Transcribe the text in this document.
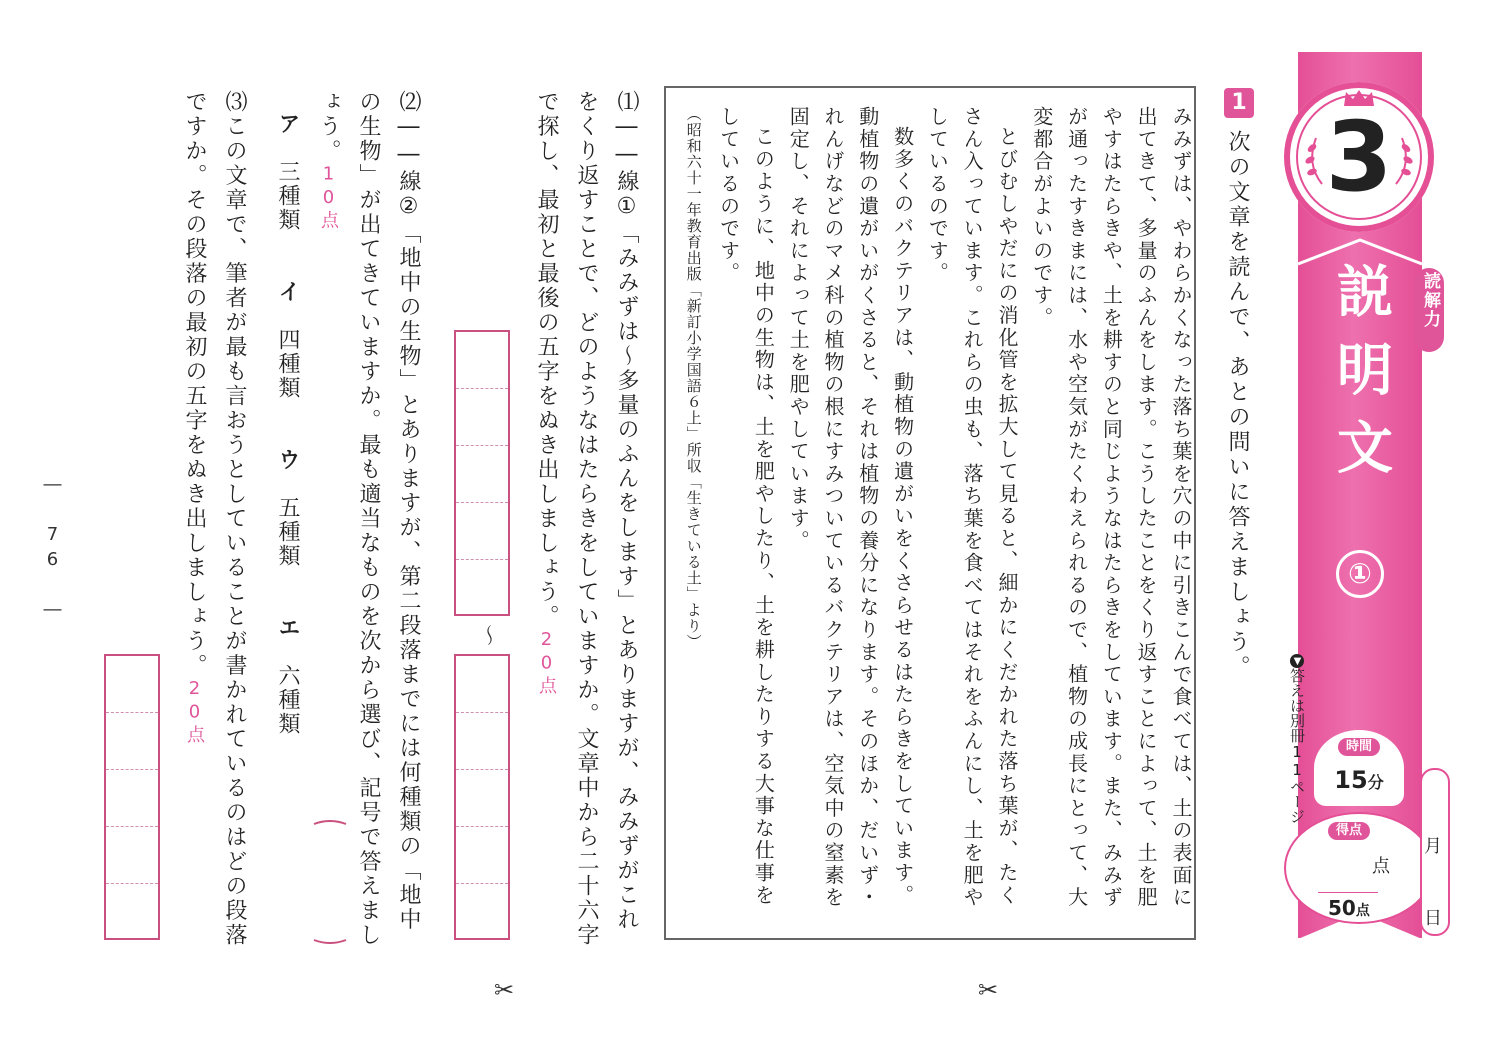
3
説明文
①
読解力
▼答えは別冊11ページ	時間
15分
得点
点
50点
月
日
1
次の文章を読んで、あとの問いに答えましょう。

みみずは、やわらかくなった落ち葉を穴の中に引きこんで食べては、土の表面に出てきて、多量のふんをします。こうしたことをくり返すことによって、土を肥やすはたらきや、土を耕すのと同じようなはたらきをしています。また、みみずが通ったすきまには、水や空気がたくわえられるので、植物の成長にとって、大変都合がよいのです。

とびむしやだにの消化管を拡大して見ると、細かにくだかれた落ち葉が、たくさん入っています。これらの虫も、落ち葉を食べてはそれをふんにし、土を肥やしているのです。

数多くのバクテリアは、動植物の遺がいをくさらせるはたらきをしています。動植物の遺がいがくさると、それは植物の養分になります。そのほか、だいず・れんげなどのマメ科の植物の根にすみついているバクテリアは、空気中の窒素を固定し、それによって土を肥やしています。

このように、地中の生物は、土を肥やしたり、土を耕したりする大事な仕事をしているのです。

（昭和六十一年教育出版「新訂小学国語６上」所収「生きている土」より）

⑴――線①「みみずは〜多量のふんをします」とありますが、みみずがこれをくり返すことで、どのようなはたらきをしていますか。文章中から二十六字で探し、最初と最後の五字をぬき出しましょう。20点
〜
⑵――線②「地中の生物」とありますが、第二段落までには何種類の「地中の生物」が出てきていますか。最も適当なものを次から選び、記号で答えましょう。10点
ア　三種類　　イ　四種類　　ウ　五種類　　エ　六種類
⑶この文章で、筆者が最も言おうとしていることが書かれているのはどの段落ですか。その段落の最初の五字をぬき出しましょう。20点
✂	✂
― 76 ―
